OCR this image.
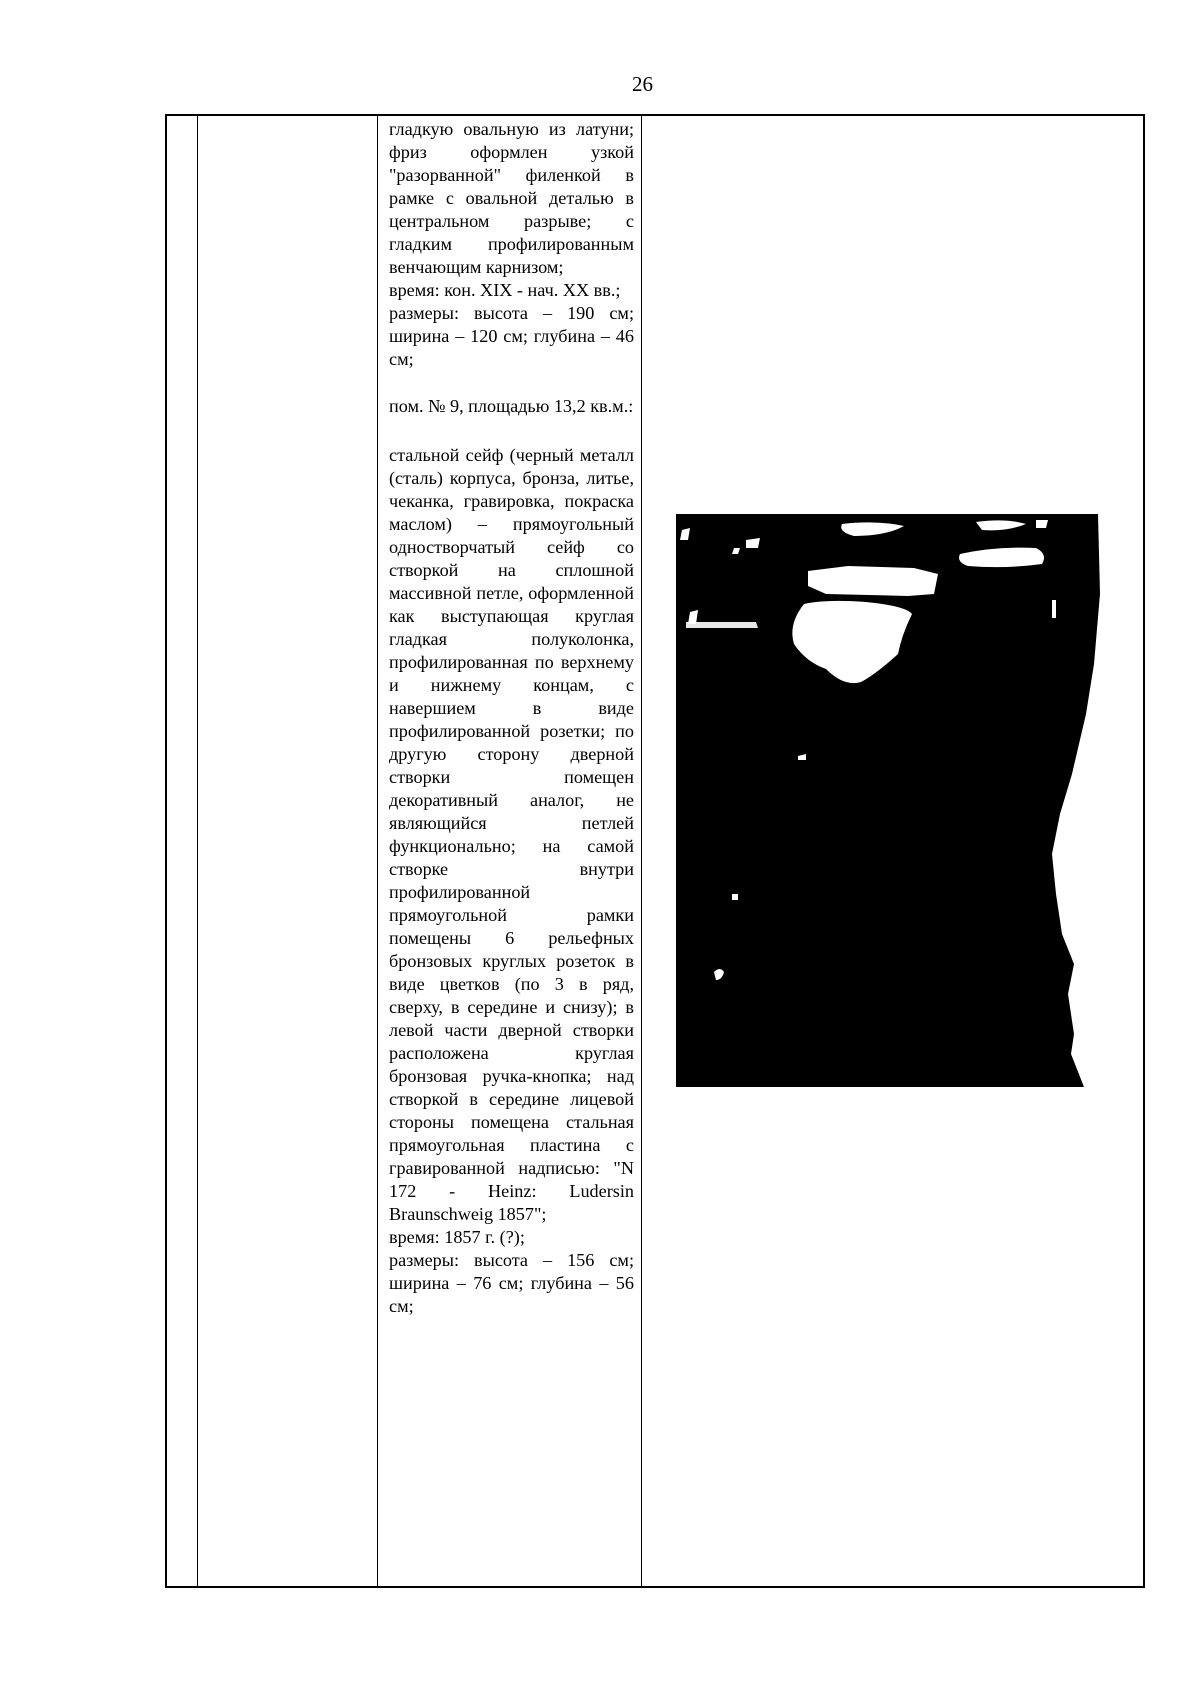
26

гладкую овальную из латуни; фриз оформлен узкой "разорванной" филенкой в рамке с овальной деталью в центральном разрыве; с гладким профилированным венчающим карнизом;

время: кон. XIX - нач. XX вв.;

размеры: высота – 190 см; ширина – 120 см; глубина – 46 см;

пом. № 9, площадью 13,2 кв.м.:

стальной сейф (черный металл (сталь) корпуса, бронза, литье, чеканка, гравировка, покраска маслом) – прямоугольный одностворчатый сейф со створкой на сплошной массивной петле, оформленной как выступающая круглая гладкая полуколонка, профилированная по верхнему и нижнему концам, с навершием в виде профилированной розетки; по другую сторону дверной створки помещен декоративный аналог, не являющийся петлей функционально; на самой створке внутри профилированной прямоугольной рамки помещены 6 рельефных бронзовых круглых розеток в виде цветков (по 3 в ряд, сверху, в середине и снизу); в левой части дверной створки расположена круглая бронзовая ручка-кнопка; над створкой в середине лицевой стороны помещена стальная прямоугольная пластина с гравированной надписью: "N 172 - Heinz: Ludersin Braunschweig 1857";

время: 1857 г. (?);

размеры: высота – 156 см; ширина – 76 см; глубина – 56 см;
